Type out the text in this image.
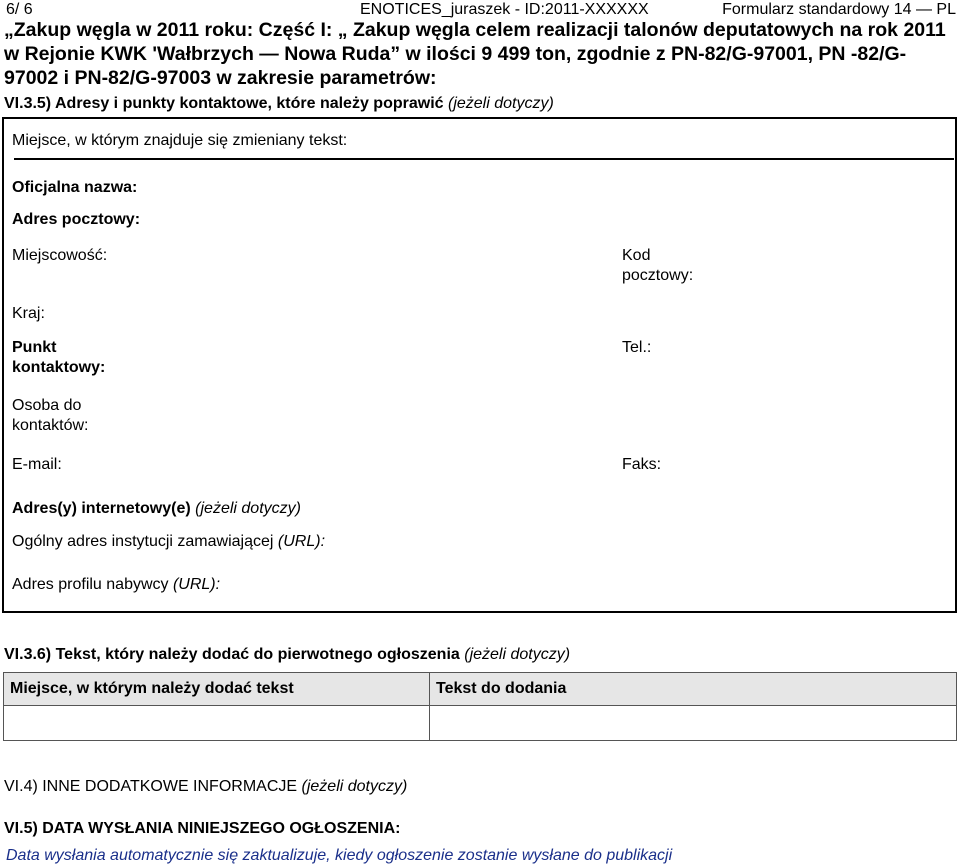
6/ 6	ENOTICES_juraszek - ID:2011-XXXXXX	Formularz standardowy 14 — PL
„Zakup węgla w 2011 roku: Część I: „ Zakup węgla celem realizacji talonów deputatowych na rok 2011 w Rejonie KWK 'Wałbrzych — Nowa Ruda” w ilości 9 499 ton, zgodnie z PN-82/G-97001, PN -82/G-97002 i PN-82/G-97003 w zakresie parametrów:
VI.3.5) Adresy i punkty kontaktowe, które należy poprawić (jeżeli dotyczy)
Miejsce, w którym znajduje się zmieniany tekst:
Oficjalna nazwa:
Adres pocztowy:
Miejscowość:	Kod pocztowy:
Kraj:
Punkt kontaktowy:
Tel.:
Osoba do kontaktów:
E-mail:	Faks:
Adres(y) internetowy(e) (jeżeli dotyczy)
Ogólny adres instytucji zamawiającej (URL):
Adres profilu nabywcy (URL):
VI.3.6) Tekst, który należy dodać do pierwotnego ogłoszenia (jeżeli dotyczy)
Miejsce, w którym należy dodać tekst	Tekst do dodania

VI.4) INNE DODATKOWE INFORMACJE (jeżeli dotyczy)
VI.5) DATA WYSŁANIA NINIEJSZEGO OGŁOSZENIA:
Data wysłania automatycznie się zaktualizuje, kiedy ogłoszenie zostanie wysłane do publikacji
